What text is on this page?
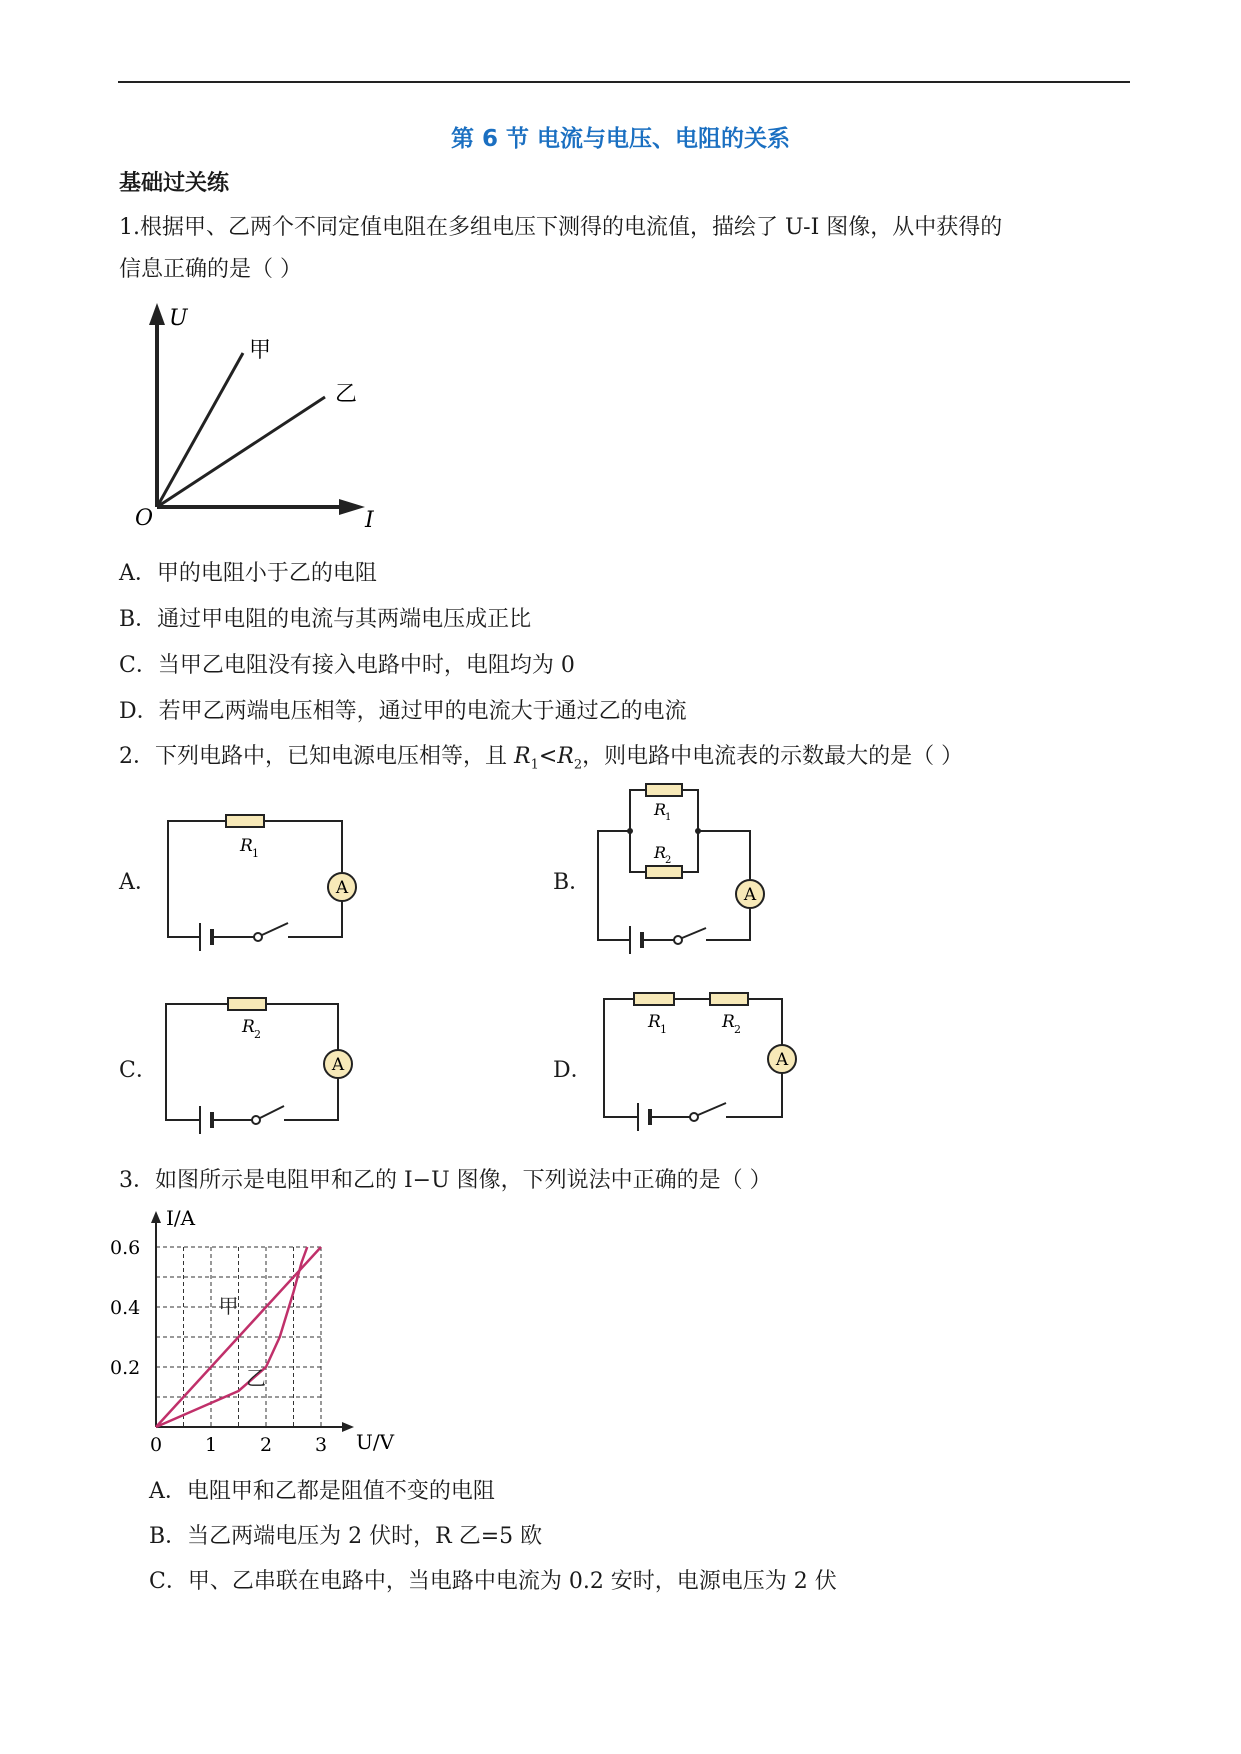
第 6 节 电流与电压、电阻的关系
基础过关练
1.根据甲、乙两个不同定值电阻在多组电压下测得的电流值，描绘了 U-I 图像，从中获得的
信息正确的是（ ）
U
O	I
甲
乙
A．甲的电阻小于乙的电阻
B．通过甲电阻的电流与其两端电压成正比
C．当甲乙电阻没有接入电路中时，电阻均为 0
D．若甲乙两端电压相等，通过甲的电流大于通过乙的电流
2．下列电路中，已知电源电压相等，且 $R_1<R_2$，则电路中电流表的示数最大的是（ ）
A．	A
R 1
B．	A
R
1
R
2
C．	A
R 2
D．	A
R 1	R 2
3．如图所示是电阻甲和乙的 I−U 图像，下列说法中正确的是（ ）
I/A
U/V
0 1 2 3
0.2
0.4
0.6
甲
乙
A．电阻甲和乙都是阻值不变的电阻
B．当乙两端电压为 2 伏时，R 乙=5 欧
C．甲、乙串联在电路中，当电路中电流为 0.2 安时，电源电压为 2 伏
